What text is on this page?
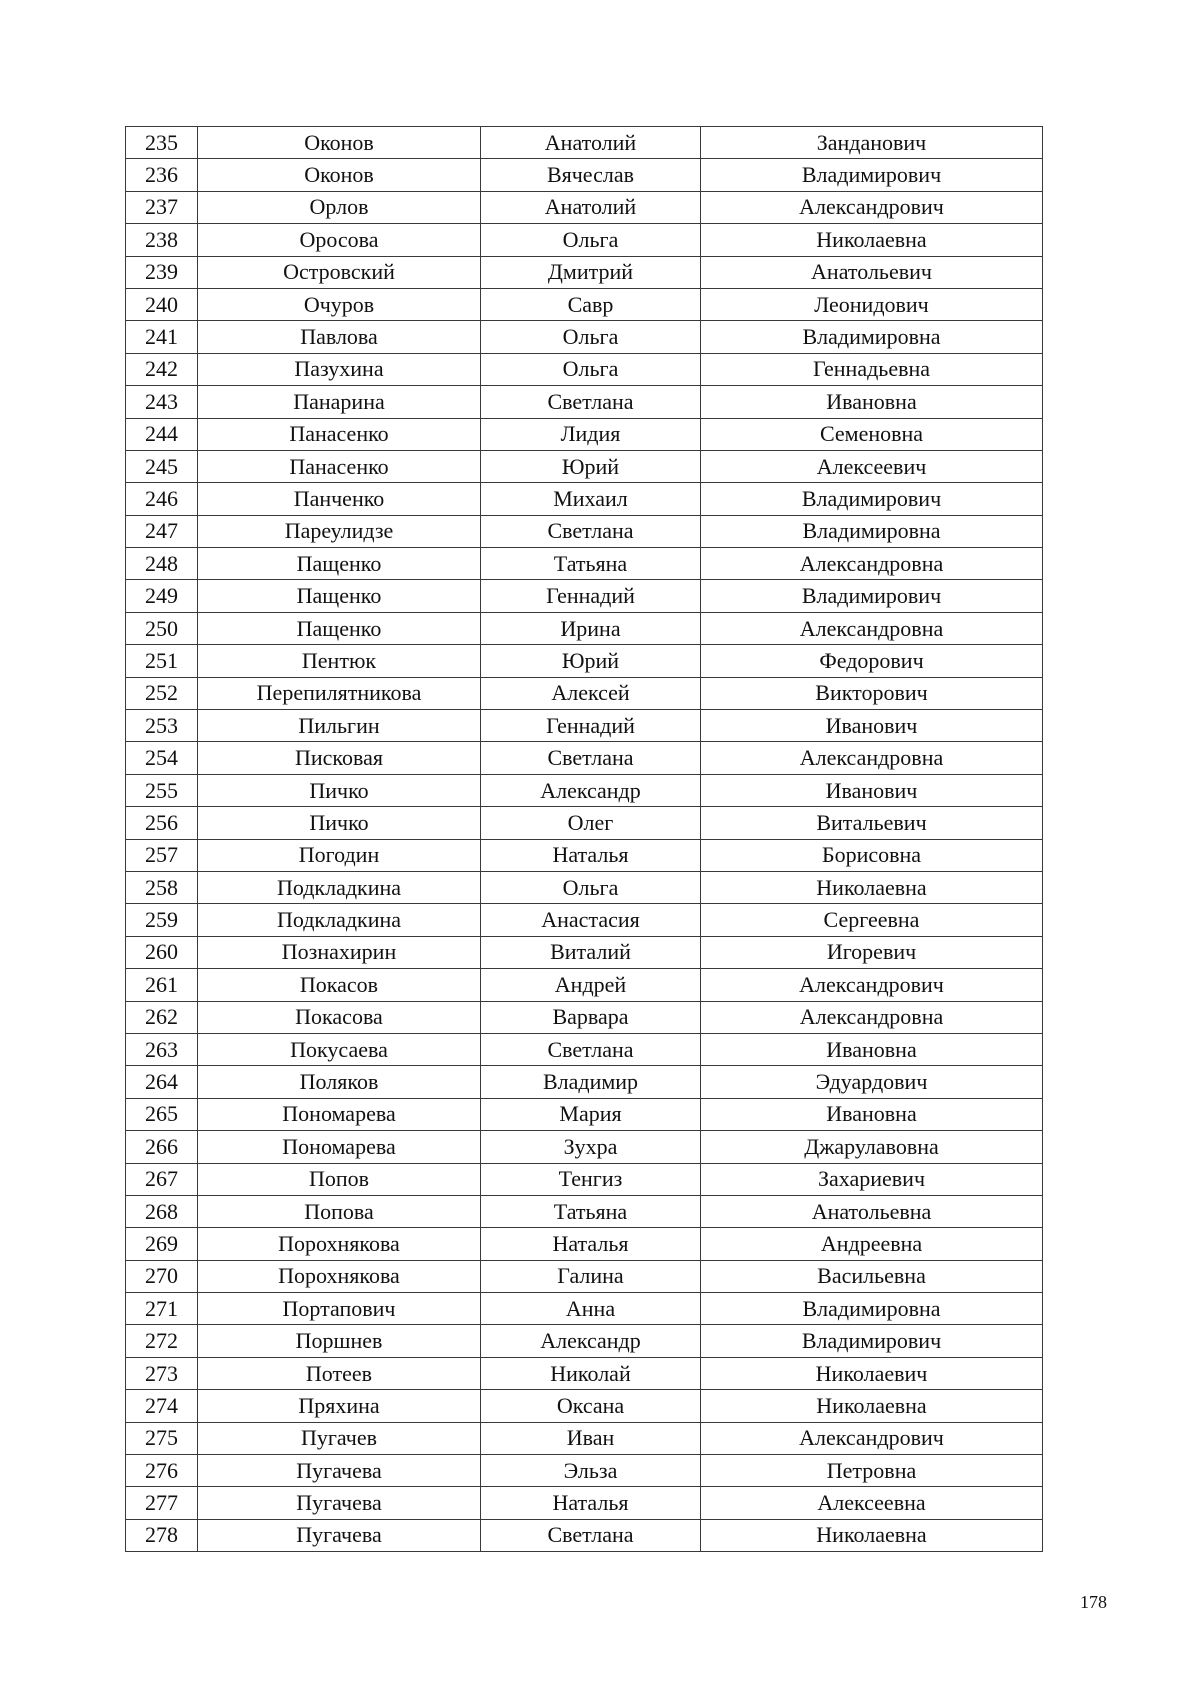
235	Оконов	Анатолий	Занданович
236	Оконов	Вячеслав	Владимирович
237	Орлов	Анатолий	Александрович
238	Оросова	Ольга	Николаевна
239	Островский	Дмитрий	Анатольевич
240	Очуров	Савр	Леонидович
241	Павлова	Ольга	Владимировна
242	Пазухина	Ольга	Геннадьевна
243	Панарина	Светлана	Ивановна
244	Панасенко	Лидия	Семеновна
245	Панасенко	Юрий	Алексеевич
246	Панченко	Михаил	Владимирович
247	Пареулидзе	Светлана	Владимировна
248	Пащенко	Татьяна	Александровна
249	Пащенко	Геннадий	Владимирович
250	Пащенко	Ирина	Александровна
251	Пентюк	Юрий	Федорович
252	Перепилятникова	Алексей	Викторович
253	Пильгин	Геннадий	Иванович
254	Писковая	Светлана	Александровна
255	Пичко	Александр	Иванович
256	Пичко	Олег	Витальевич
257	Погодин	Наталья	Борисовна
258	Подкладкина	Ольга	Николаевна
259	Подкладкина	Анастасия	Сергеевна
260	Познахирин	Виталий	Игоревич
261	Покасов	Андрей	Александрович
262	Покасова	Варвара	Александровна
263	Покусаева	Светлана	Ивановна
264	Поляков	Владимир	Эдуардович
265	Пономарева	Мария	Ивановна
266	Пономарева	Зухра	Джарулавовна
267	Попов	Тенгиз	Захариевич
268	Попова	Татьяна	Анатольевна
269	Порохнякова	Наталья	Андреевна
270	Порохнякова	Галина	Васильевна
271	Портапович	Анна	Владимировна
272	Поршнев	Александр	Владимирович
273	Потеев	Николай	Николаевич
274	Пряхина	Оксана	Николаевна
275	Пугачев	Иван	Александрович
276	Пугачева	Эльза	Петровна
277	Пугачева	Наталья	Алексеевна
278	Пугачева	Светлана	Николаевна
178
